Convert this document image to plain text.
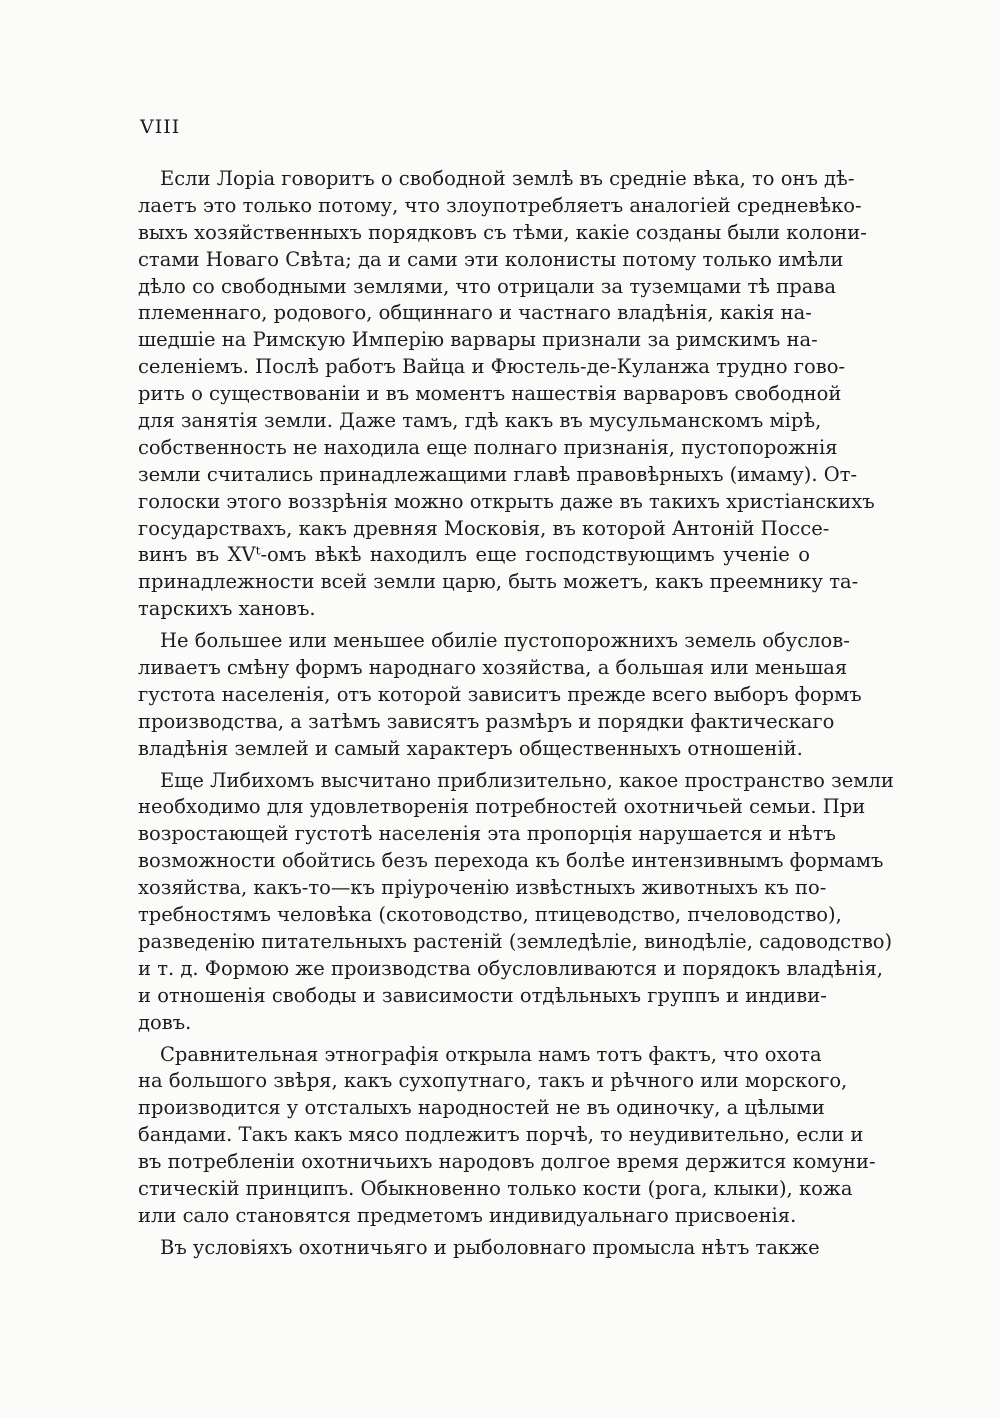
VIII
Если Лоріа говоритъ о свободной землѣ въ средніе вѣка, то онъ дѣ-
лаетъ это только потому, что злоупотребляетъ аналогіей средневѣко-
выхъ хозяйственныхъ порядковъ съ тѣми, какіе созданы были колони-
стами Новаго Свѣта; да и сами эти колонисты потому только имѣли
дѣло со свободными землями, что отрицали за туземцами тѣ права
племеннаго, родового, общиннаго и частнаго владѣнія, какія на-
шедшіе на Римскую Имперію варвары признали за римскимъ на-
селеніемъ. Послѣ работъ Вайца и Фюстель-де-Куланжа трудно гово-
рить о существованіи и въ моментъ нашествія варваровъ свободной
для занятія земли. Даже тамъ, гдѣ какъ въ мусульманскомъ мірѣ,
собственность не находила еще полнаго признанія, пустопорожнія
земли считались принадлежащими главѣ правовѣрныхъ (имаму). От-
голоски этого воззрѣнія можно открыть даже въ такихъ христіанскихъ
государствахъ, какъ древняя Московія, въ которой Антоній Поссе-
винъ въ XVᵗ-омъ вѣкѣ находилъ еще господствующимъ ученіе о
принадлежности всей земли царю, быть можетъ, какъ преемнику та-
тарскихъ хановъ.
Не большее или меньшее обиліе пустопорожнихъ земель обуслов-
ливаетъ смѣну формъ народнаго хозяйства, а большая или меньшая
густота населенія, отъ которой зависитъ прежде всего выборъ формъ
производства, а затѣмъ зависятъ размѣръ и порядки фактическаго
владѣнія землей и самый характеръ общественныхъ отношеній.
Еще Либихомъ высчитано приблизительно, какое пространство земли
необходимо для удовлетворенія потребностей охотничьей семьи. При
возростающей густотѣ населенія эта пропорція нарушается и нѣтъ
возможности обойтись безъ перехода къ болѣе интензивнымъ формамъ
хозяйства, какъ-то—къ пріуроченію извѣстныхъ животныхъ къ по-
требностямъ человѣка (скотоводство, птицеводство, пчеловодство),
разведенію питательныхъ растеній (земледѣліе, винодѣліе, садоводство)
и т. д. Формою же производства обусловливаются и порядокъ владѣнія,
и отношенія свободы и зависимости отдѣльныхъ группъ и индиви-
довъ.
Сравнительная этнографія открыла намъ тотъ фактъ, что охота
на большого звѣря, какъ сухопутнаго, такъ и рѣчного или морского,
производится у отсталыхъ народностей не въ одиночку, а цѣлыми
бандами. Такъ какъ мясо подлежитъ порчѣ, то неудивительно, если и
въ потребленіи охотничьихъ народовъ долгое время держится комуни-
стическій принципъ. Обыкновенно только кости (рога, клыки), кожа
или сало становятся предметомъ индивидуальнаго присвоенія.
Въ условіяхъ охотничьяго и рыболовнаго промысла нѣтъ также
